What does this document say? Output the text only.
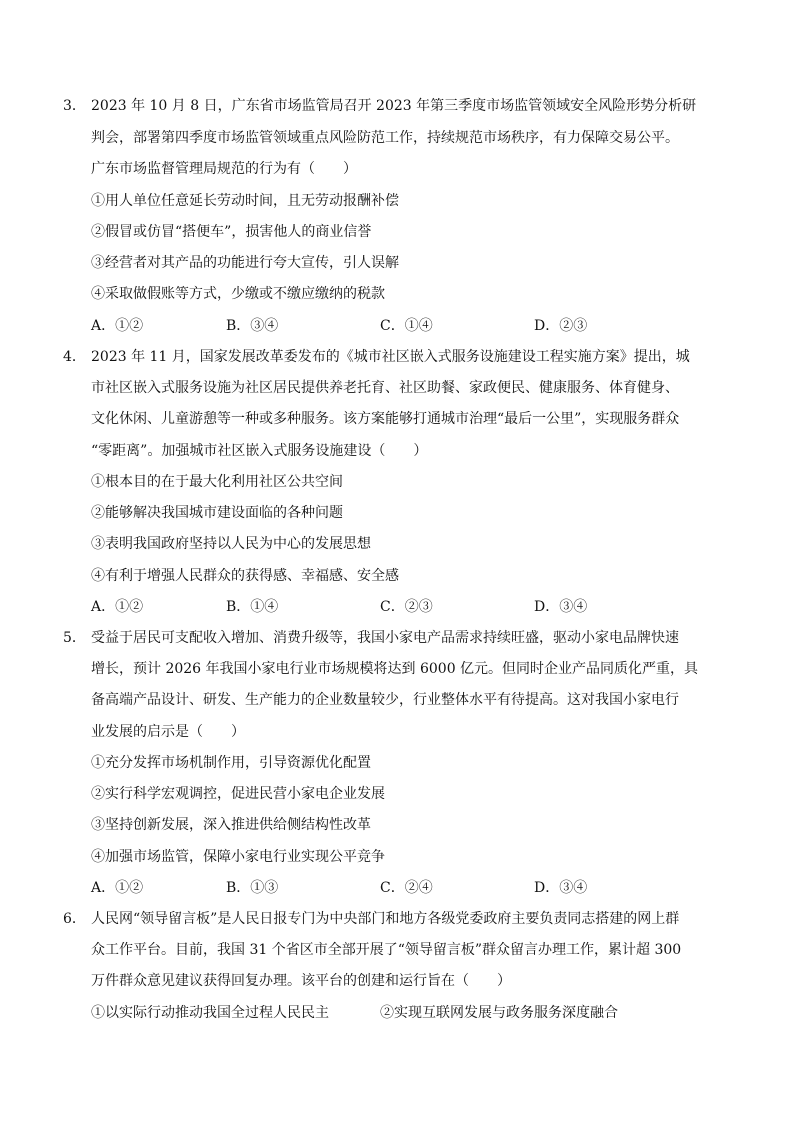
3． 2023 年 10 月 8 日，广东省市场监管局召开 2023 年第三季度市场监管领域安全风险形势分析研
判会，部署第四季度市场监管领域重点风险防范工作，持续规范市场秩序，有力保障交易公平。
广东市场监督管理局规范的行为有（　　）
①用人单位任意延长劳动时间，且无劳动报酬补偿
②假冒或仿冒“搭便车”，损害他人的商业信誉
③经营者对其产品的功能进行夸大宣传，引人误解
④采取做假账等方式，少缴或不缴应缴纳的税款
A．①②	B．③④	C．①④	D．②③
4． 2023 年 11 月，国家发展改革委发布的《城市社区嵌入式服务设施建设工程实施方案》提出，城
市社区嵌入式服务设施为社区居民提供养老托育、社区助餐、家政便民、健康服务、体育健身、
文化休闲、儿童游憩等一种或多种服务。该方案能够打通城市治理“最后一公里”，实现服务群众
“零距离”。加强城市社区嵌入式服务设施建设（　　）
①根本目的在于最大化利用社区公共空间
②能够解决我国城市建设面临的各种问题
③表明我国政府坚持以人民为中心的发展思想
④有利于增强人民群众的获得感、幸福感、安全感
A．①②	B．①④	C．②③	D．③④
5． 受益于居民可支配收入增加、消费升级等，我国小家电产品需求持续旺盛，驱动小家电品牌快速
增长，预计 2026 年我国小家电行业市场规模将达到 6000 亿元。但同时企业产品同质化严重，具
备高端产品设计、研发、生产能力的企业数量较少，行业整体水平有待提高。这对我国小家电行
业发展的启示是（　　）
①充分发挥市场机制作用，引导资源优化配置
②实行科学宏观调控，促进民营小家电企业发展
③坚持创新发展，深入推进供给侧结构性改革
④加强市场监管，保障小家电行业实现公平竞争
A．①②	B．①③	C．②④	D．③④
6． 人民网“领导留言板”是人民日报专门为中央部门和地方各级党委政府主要负责同志搭建的网上群
众工作平台。目前，我国 31 个省区市全部开展了“领导留言板”群众留言办理工作，累计超 300
万件群众意见建议获得回复办理。该平台的创建和运行旨在（　　）
①以实际行动推动我国全过程人民民主	②实现互联网发展与政务服务深度融合
